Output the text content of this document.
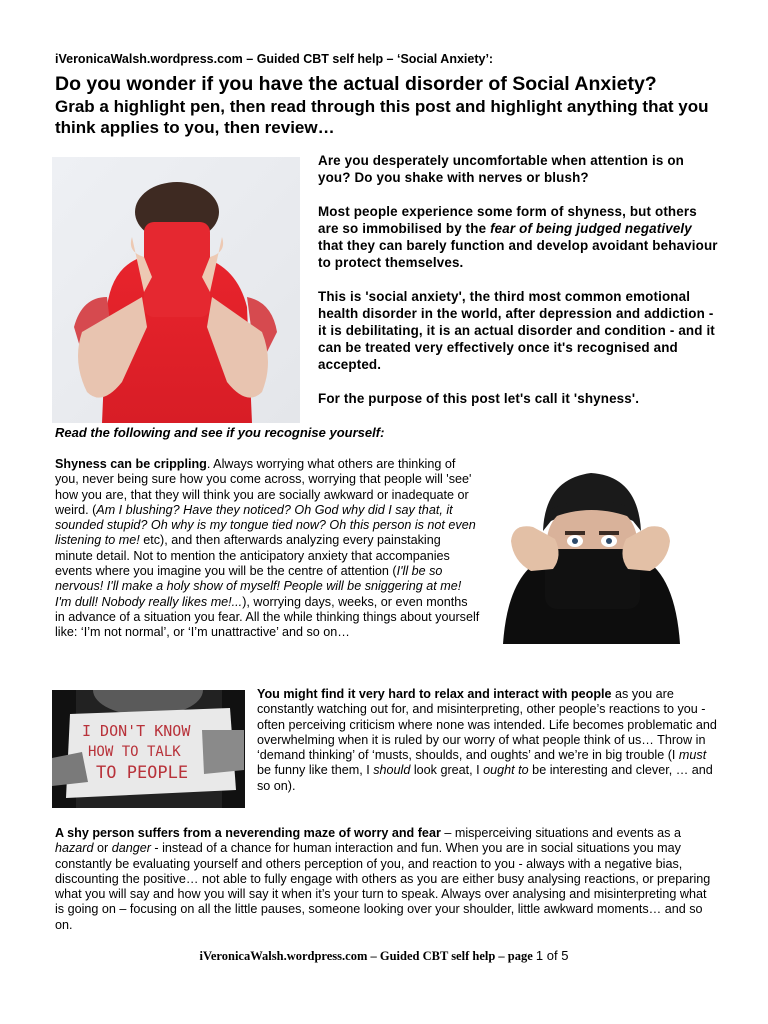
iVeronicaWalsh.wordpress.com – Guided CBT self help – ‘Social Anxiety’:
Do you wonder if you have the actual disorder of Social Anxiety?
Grab a highlight pen, then read through this post and highlight anything that you think applies to you, then review…

Are you desperately uncomfortable when attention is on you? Do you shake with nerves or blush?

Most people experience some form of shyness, but others are so immobilised by the fear of being judged negatively that they can barely function and develop avoidant behaviour to protect themselves.

This is 'social anxiety', the third most common emotional health disorder in the world, after depression and addiction - it is debilitating, it is an actual disorder and condition - and it can be treated very effectively once it's recognised and accepted.

For the purpose of this post let's call it 'shyness'.

Read the following and see if you recognise yourself:
Shyness can be crippling. Always worrying what others are thinking of you, never being sure how you come across, worrying that people will 'see' how you are, that they will think you are socially awkward or inadequate or weird. (Am I blushing? Have they noticed? Oh God why did I say that, it sounded stupid? Oh why is my tongue tied now? Oh this person is not even listening to me! etc), and then afterwards analyzing every painstaking minute detail. Not to mention the anticipatory anxiety that accompanies events where you imagine you will be the centre of attention (I'll be so nervous! I'll make a holy show of myself! People will be sniggering at me! I'm dull! Nobody really likes me!...), worrying days, weeks, or even months in advance of a situation you fear. All the while thinking things about yourself like: ‘I’m not normal’, or ‘I’m unattractive’ and so on…
I DON'T KNOW
HOW TO TALK
TO PEOPLE
You might find it very hard to relax and interact with people as you are constantly watching out for, and misinterpreting, other people’s reactions to you - often perceiving criticism where none was intended. Life becomes problematic and overwhelming when it is ruled by our worry of what people think of us… Throw in ‘demand thinking’ of ‘musts, shoulds, and oughts’ and we’re in big trouble (I must be funny like them, I should look great, I ought to be interesting and clever, … and so on).
A shy person suffers from a neverending maze of worry and fear – misperceiving situations and events as a hazard or danger - instead of a chance for human interaction and fun. When you are in social situations you may constantly be evaluating yourself and others perception of you, and reaction to you - always with a negative bias, discounting the positive… not able to fully engage with others as you are either busy analysing reactions, or preparing what you will say and how you will say it when it’s your turn to speak. Always over analysing and misinterpreting what is going on – focusing on all the little pauses, someone looking over your shoulder, little awkward moments… and so on.
iVeronicaWalsh.wordpress.com – Guided CBT self help – page 1 of 5
